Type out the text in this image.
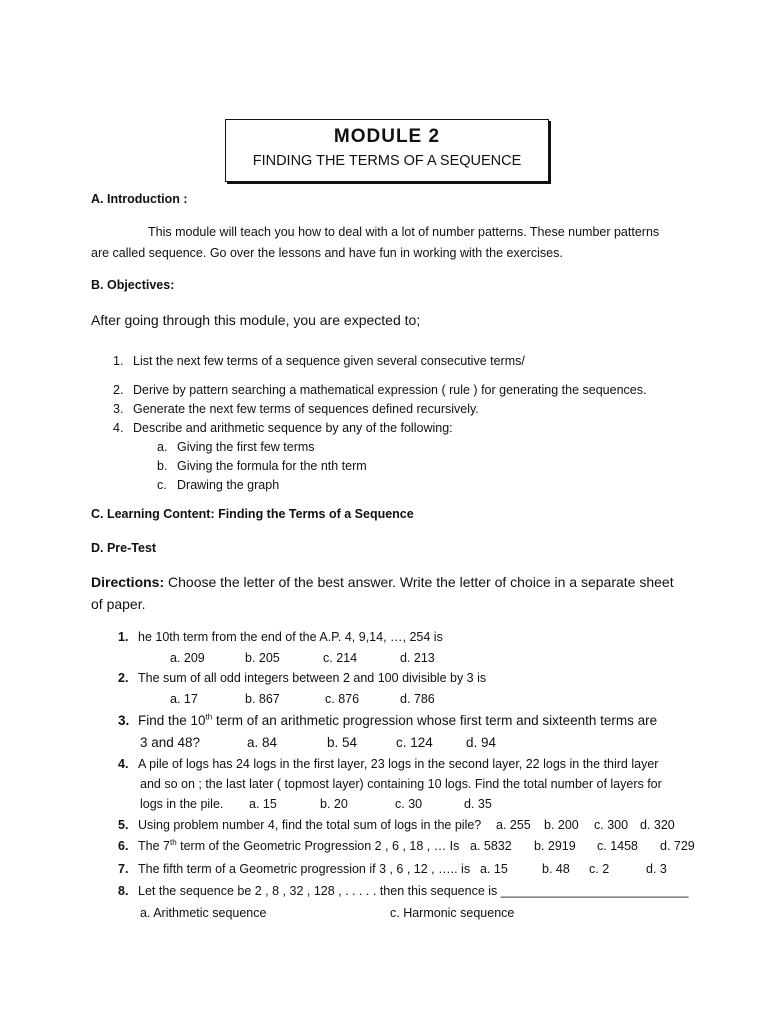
MODULE 2
FINDING THE TERMS OF A SEQUENCE
A. Introduction :
This module will teach you how to deal with a lot of number patterns. These number patterns
are called sequence. Go over the lessons and have fun in working with the exercises.
B. Objectives:
After going through this module, you are expected to;
1. List the next few terms of a sequence given several consecutive terms/
2. Derive by pattern searching a mathematical expression ( rule ) for generating the sequences.
3. Generate the next few terms of sequences defined recursively.
4. Describe and arithmetic sequence by any of the following:
a. Giving the first few terms
b. Giving the formula for the nth term
c. Drawing the graph
C. Learning Content: Finding the Terms of a Sequence
D. Pre-Test
Directions: Choose the letter of the best answer. Write the letter of choice in a separate sheet
of paper.
1. he 10th term from the end of the A.P. 4, 9,14, …, 254 is
a. 209	b. 205	c. 214	d. 213
2. The sum of all odd integers between 2 and 100 divisible by 3 is
a. 17	b. 867	c. 876	d. 786
3. Find the 10th term of an arithmetic progression whose first term and sixteenth terms are
3 and 48?	a. 84	b. 54	c. 124 d. 94
4. A pile of logs has 24 logs in the first layer, 23 logs in the second layer, 22 logs in the third layer
and so on ; the last later ( topmost layer) containing 10 logs. Find the total number of layers for
logs in the pile. a. 15	b. 20	c. 30	d. 35
5. Using problem number 4, find the total sum of logs in the pile? a. 255 b. 200 c. 300 d. 320
6. The 7th term of the Geometric Progression 2 , 6 , 18 , … Is a. 5832 b. 2919 c. 1458 d. 729
7. The fifth term of a Geometric progression if 3 , 6 , 12 , ….. is a. 15	b. 48 c. 2	d. 3
8. Let the sequence be 2 , 8 , 32 , 128 , . . . . . then this sequence is ___________________________
a. Arithmetic sequence	c. Harmonic sequence
